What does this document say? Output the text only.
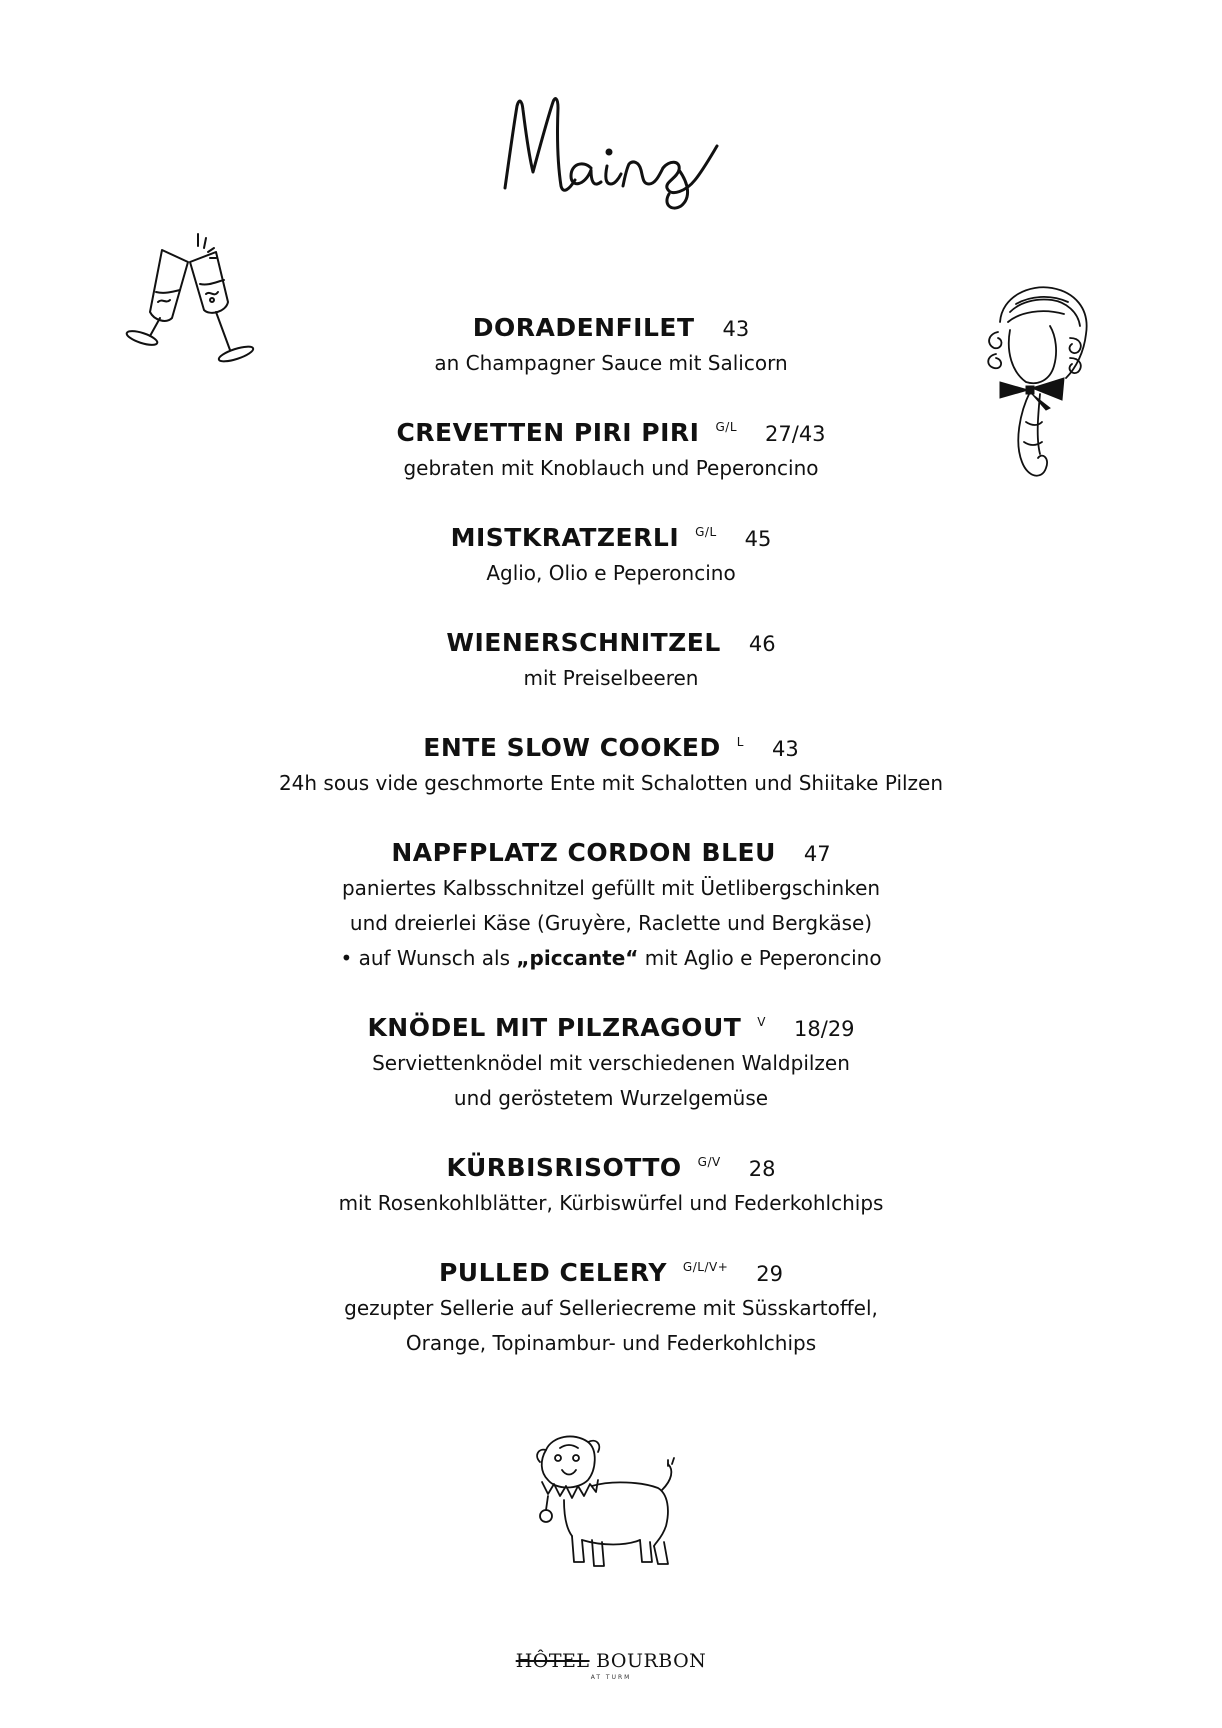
DORADENFILET 43

an Champagner Sauce mit Salicorn

CREVETTEN PIRI PIRI G/L 27/43

gebraten mit Knoblauch und Peperoncino

MISTKRATZERLI G/L 45

Aglio, Olio e Peperoncino

WIENERSCHNITZEL 46

mit Preiselbeeren

ENTE SLOW COOKED L 43

24h sous vide geschmorte Ente mit Schalotten und Shiitake Pilzen

NAPFPLATZ CORDON BLEU 47

paniertes Kalbsschnitzel gefüllt mit Üetlibergschinken

und dreierlei Käse (Gruyère, Raclette und Bergkäse)

• auf Wunsch als „piccante“ mit Aglio e Peperoncino

KNÖDEL MIT PILZRAGOUT V 18/29

Serviettenknödel mit verschiedenen Waldpilzen

und geröstetem Wurzelgemüse

KÜRBISRISOTTO G/V 28

mit Rosenkohlblätter, Kürbiswürfel und Federkohlchips

PULLED CELERY G/L/V+ 29

gezupter Sellerie auf Selleriecreme mit Süsskartoffel,

Orange, Topinambur- und Federkohlchips

HÔTEL BOURBON
AT TURM
